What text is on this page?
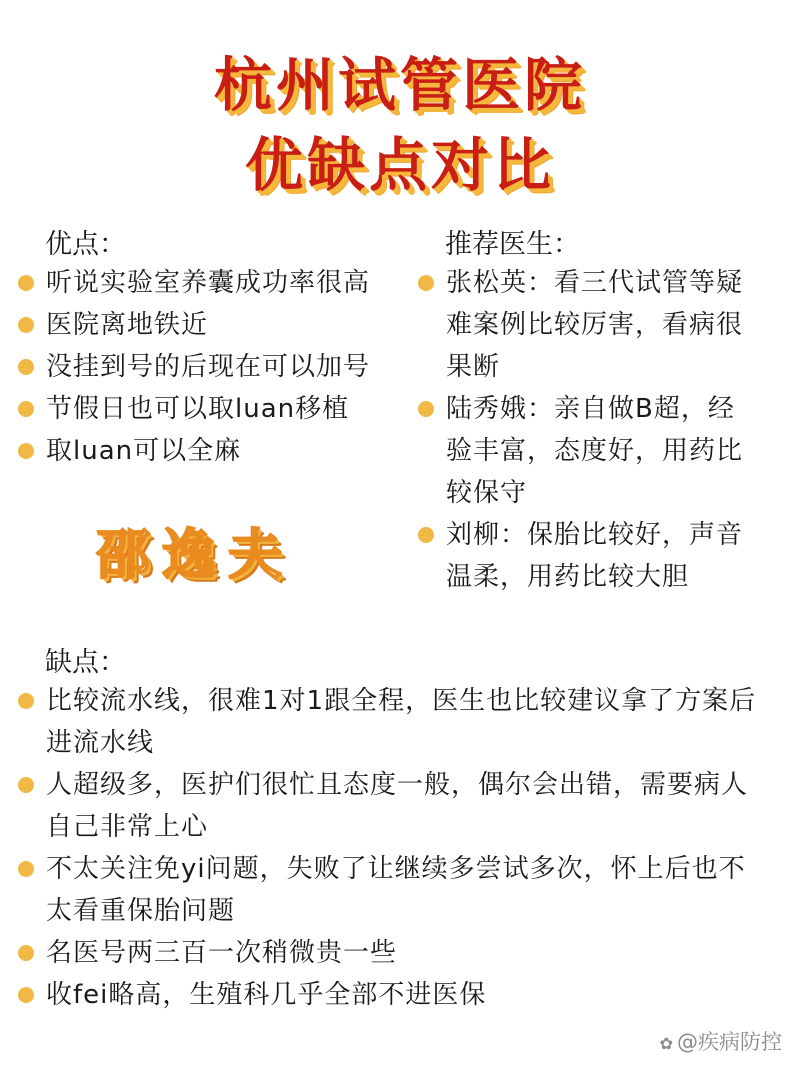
杭州试管医院
优缺点对比
优点：
听说实验室养囊成功率很高
医院离地铁近
没挂到号的后现在可以加号
节假日也可以取luan移植
取luan可以全麻
邵逸夫
推荐医生：
张松英：看三代试管等疑难案例比较厉害，看病很果断
陆秀娥：亲自做B超，经验丰富，态度好，用药比较保守
刘柳：保胎比较好，声音温柔，用药比较大胆
缺点：
比较流水线，很难1对1跟全程，医生也比较建议拿了方案后进流水线
人超级多，医护们很忙且态度一般，偶尔会出错，需要病人自己非常上心
不太关注免yi问题，失败了让继续多尝试多次，怀上后也不太看重保胎问题
名医号两三百一次稍微贵一些
收fei略高，生殖科几乎全部不进医保
✿ @疾病防控
